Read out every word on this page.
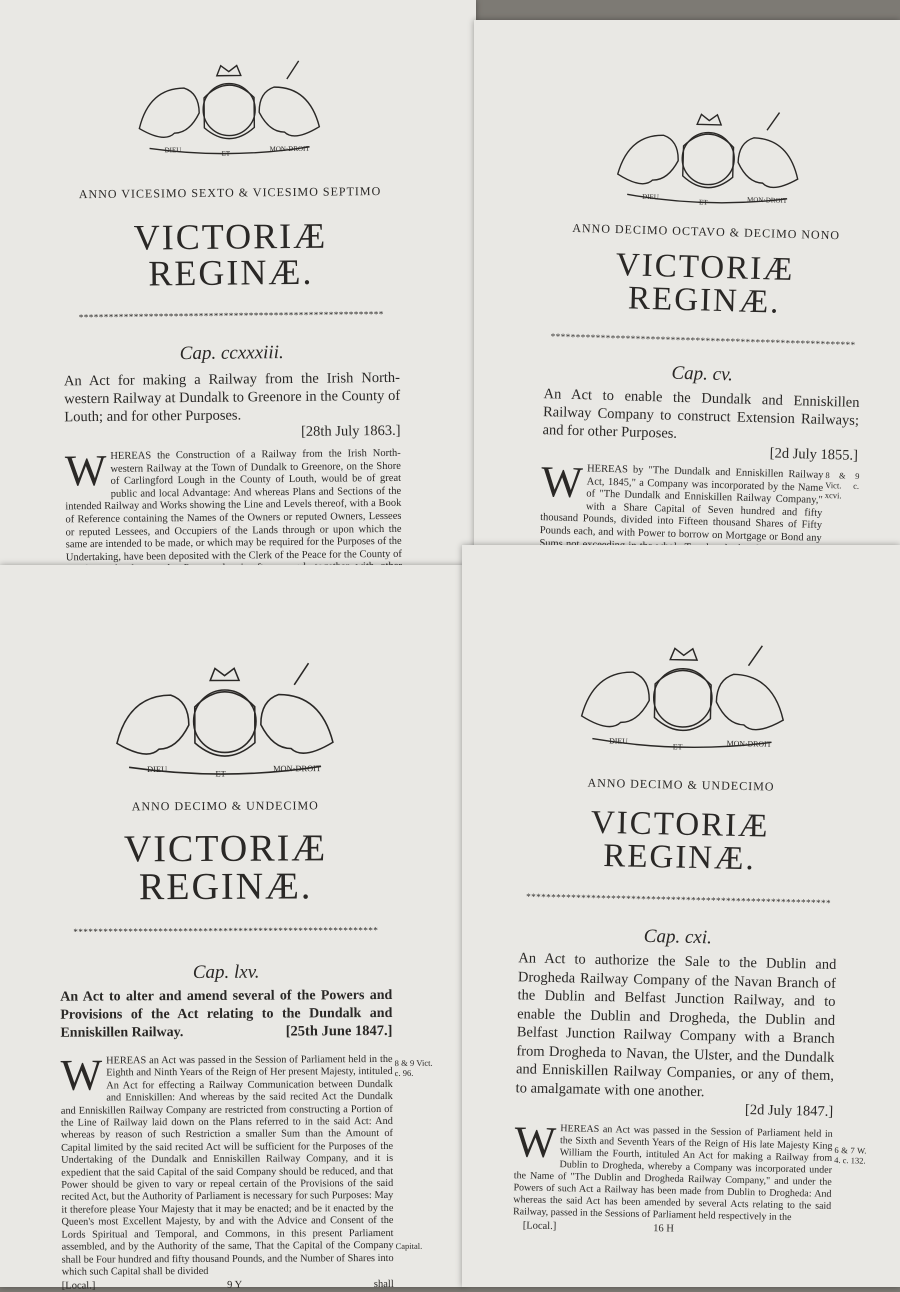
DIEU	ET
MON·DROIT
ANNO VICESIMO SEXTO & VICESIMO SEPTIMO
VICTORIÆ REGINÆ.
*************************************************************
Cap. ccxxxiii.
An Act for making a Railway from the Irish North-western Railway at Dundalk to Greenore in the County of Louth; and for other Purposes.
[28th July 1863.]
W HEREAS the Construction of a Railway from the Irish North-western Railway at the Town of Dundalk to Greenore, on the Shore of Carlingford Lough in the County of Louth, would be of great public and local Advantage: And whereas Plans and Sections of the intended Railway and Works showing the Line and Levels thereof, with a Book of Reference containing the Names of the Owners or reputed Owners, Lessees or reputed Lessees, and Occupiers of the Lands through or upon which the same are intended to be made, or which may be required for the Purposes of the Undertaking, have been deposited with the Clerk of the Peace for the County of
DIEU
ET	MON·DROIT
ANNO DECIMO OCTAVO & DECIMO NONO
VICTORIÆ REGINÆ.
*************************************************************
Cap. cv.
An Act to enable the Dundalk and Enniskillen Railway Company to construct Extension Railways; and for other Purposes.
[2d July 1855.]
W HEREAS by "The Dundalk and Enniskillen Railway Act, 1845," a Company was incorporated by the Name of "The Dundalk and Enniskillen Railway Company," with a Share Capital of Seven hundred and fifty thousand Pounds, divided into Fifteen thousand Shares of Fifty Pounds each, and with Power to borrow on Mortgage or Bond any Sums
8 & 9 Vict. c. xcvi.
DIEU	ET
MON·DROIT
ANNO DECIMO & UNDECIMO
VICTORIÆ REGINÆ.
*************************************************************
Cap. lxv.
An Act to alter and amend several of the Powers and Provisions of the Act relating to the Dundalk and Enniskillen Railway.	[25th June 1847.]
W HEREAS an Act was passed in the Session of Parliament held in the Eighth and Ninth Years of the Reign of Her present Majesty, intituled An Act for effecting a Railway Communication between Dundalk and Enniskillen: And whereas by the said recited Act the Dundalk and Enniskillen Railway Company are restricted from constructing a Portion of the Line of Railway laid down on the Plans referred to in the said Act: And whereas by reason of such Restriction a smaller Sum than the Amount of Capital limited by the said recited Act will be sufficient for the Purposes of the Undertaking of the Dundalk and Enniskillen Railway Company, and it is expedient that the said Capital of the said Company should be reduced, and that Power should be given to vary or repeal certain of the Provisions of the said recited Act, but the Authority of Parliament is necessary for such Purposes: May it therefore please Your Majesty that it may be enacted; and be it enacted by the Queen's most Excellent Majesty, by and with the Advice and Consent of the Lords Spiritual and Temporal, and Commons, in this present Parliament assembled, and by the Authority of the same, That the Capital of the Company shall be Four hundred and fifty thousand Pounds, and the Number of Shares into which such Capital shall be divided
8 & 9 Vict. c. 96.
Capital.
[Local.]	9 Y	shall
DIEU
ET	MON·DROIT
ANNO DECIMO & UNDECIMO
VICTORIÆ REGINÆ.
*************************************************************
Cap. cxi.
An Act to authorize the Sale to the Dublin and Drogheda Railway Company of the Navan Branch of the Dublin and Belfast Junction Railway, and to enable the Dublin and Drogheda, the Dublin and Belfast Junction Railway Company with a Branch from Drogheda to Navan, the Ulster, and the Dundalk and Enniskillen Railway Companies, or any of them, to amalgamate with one another.
[2d July 1847.]
W HEREAS an Act was passed in the Session of Parliament held in the Sixth and Seventh Years of the Reign of His late Majesty King William the Fourth, intituled An Act for making a Railway from Dublin to Drogheda, whereby a Company was incorporated under the Name of "The Dublin and Drogheda Railway Company," and under the Powers of such Act a Railway has been made from Dublin to Drogheda: And whereas the said Act has been amended by several Acts relating to the said Railway, passed in the Sessions of Parliament held respectively in the
6 & 7 W. 4. c. 132.
[Local.]	16 H
